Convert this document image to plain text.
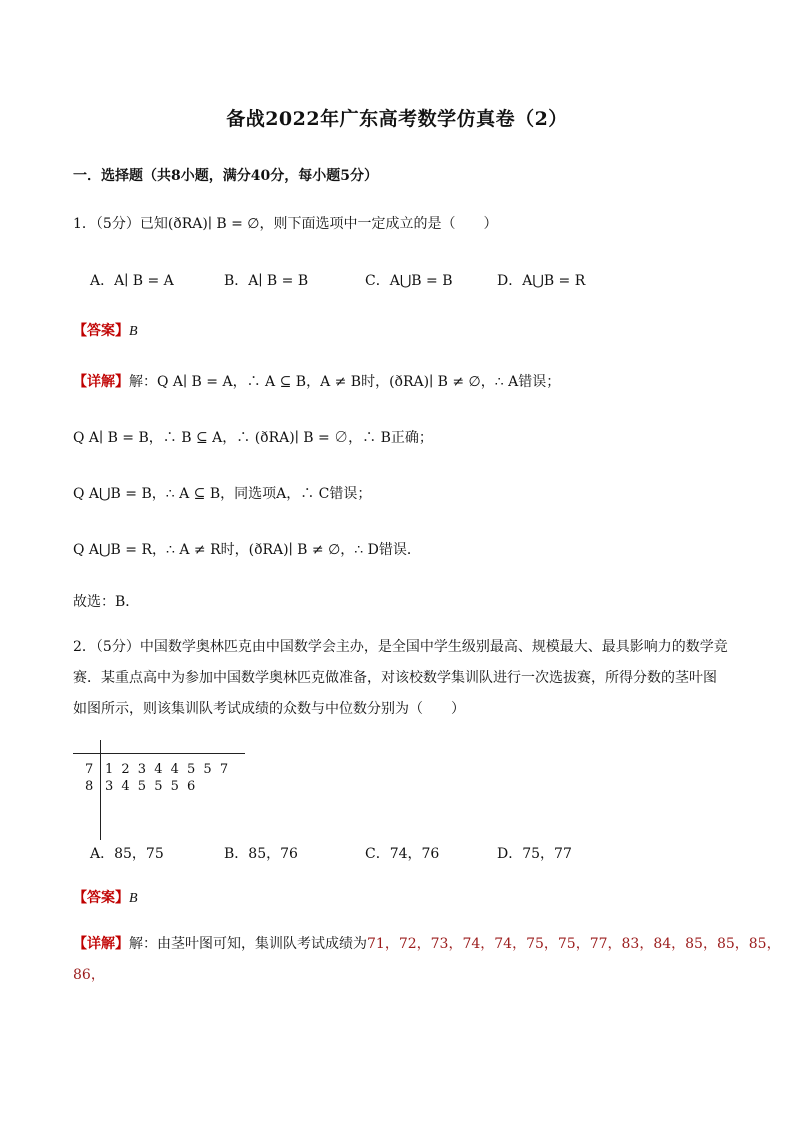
备战2022年广东高考数学仿真卷（2）
一．选择题（共8小题，满分40分，每小题5分）
1．（5分）已知(ðRA)∣ B = ∅，则下面选项中一定成立的是（　　）
A．A∣ B = A	B．A∣ B = B	C．A⋃B = B	D．A⋃B = R
【答案】B
【详解】解：Q A∣ B = A，∴ A ⊆ B，A ≠ B时，(ðRA)∣ B ≠ ∅，∴ A错误；
Q A∣ B = B，∴ B ⊆ A，∴ (ðRA)∣ B = ∅，∴ B正确；
Q A⋃B = B，∴ A ⊆ B，同选项A，∴ C错误；
Q A⋃B = R，∴ A ≠ R时，(ðRA)∣ B ≠ ∅，∴ D错误．
故选：B．
2．（5分）中国数学奥林匹克由中国数学会主办，是全国中学生级别最高、规模最大、最具影响力的数学竞
赛．某重点高中为参加中国数学奥林匹克做准备，对该校数学集训队进行一次选拔赛，所得分数的茎叶图
如图所示，则该集训队考试成绩的众数与中位数分别为（　　）
7 1 2 3 4 4 5 5 7
8 3 4 5 5 5 6
A．85，75	B．85，76	C．74，76	D．75，77
【答案】B
【详解】解：由茎叶图可知，集训队考试成绩为71，72，73，74，74，75，75，77，83，84，85，85，85，
86，
